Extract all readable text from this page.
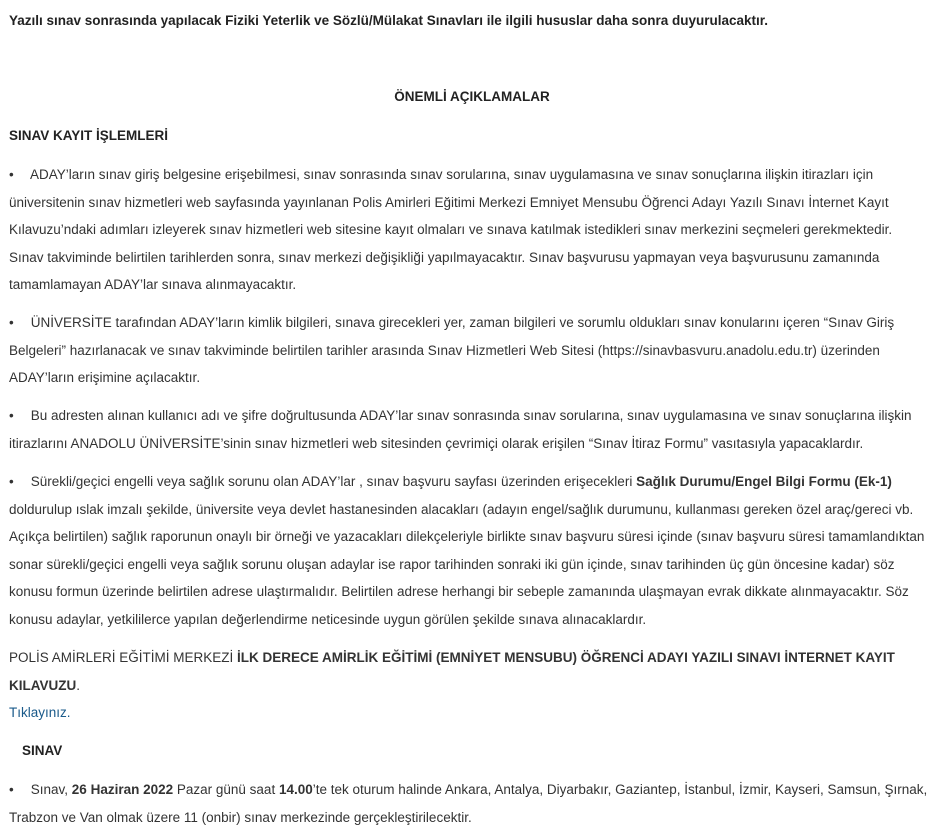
Yazılı sınav sonrasında yapılacak Fiziki Yeterlik ve Sözlü/Mülakat Sınavları ile ilgili hususlar daha sonra duyurulacaktır.
ÖNEMLİ AÇIKLAMALAR
SINAV KAYIT İŞLEMLERİ
• ADAY’ların sınav giriş belgesine erişebilmesi, sınav sonrasında sınav sorularına, sınav uygulamasına ve sınav sonuçlarına ilişkin itirazları için üniversitenin sınav hizmetleri web sayfasında yayınlanan Polis Amirleri Eğitimi Merkezi Emniyet Mensubu Öğrenci Adayı Yazılı Sınavı İnternet Kayıt Kılavuzu’ndaki adımları izleyerek sınav hizmetleri web sitesine kayıt olmaları ve sınava katılmak istedikleri sınav merkezini seçmeleri gerekmektedir. Sınav takviminde belirtilen tarihlerden sonra, sınav merkezi değişikliği yapılmayacaktır. Sınav başvurusu yapmayan veya başvurusunu zamanında tamamlamayan ADAY’lar sınava alınmayacaktır.
• ÜNİVERSİTE tarafından ADAY’ların kimlik bilgileri, sınava girecekleri yer, zaman bilgileri ve sorumlu oldukları sınav konularını içeren “Sınav Giriş Belgeleri” hazırlanacak ve sınav takviminde belirtilen tarihler arasında Sınav Hizmetleri Web Sitesi (https://sinavbasvuru.anadolu.edu.tr) üzerinden ADAY’ların erişimine açılacaktır.
• Bu adresten alınan kullanıcı adı ve şifre doğrultusunda ADAY’lar sınav sonrasında sınav sorularına, sınav uygulamasına ve sınav sonuçlarına ilişkin itirazlarını ANADOLU ÜNİVERSİTE’sinin sınav hizmetleri web sitesinden çevrimiçi olarak erişilen “Sınav İtiraz Formu” vasıtasıyla yapacaklardır.
• Sürekli/geçici engelli veya sağlık sorunu olan ADAY’lar , sınav başvuru sayfası üzerinden erişecekleri Sağlık Durumu/Engel Bilgi Formu (Ek-1) doldurulup ıslak imzalı şekilde, üniversite veya devlet hastanesinden alacakları (adayın engel/sağlık durumunu, kullanması gereken özel araç/gereci vb. Açıkça belirtilen) sağlık raporunun onaylı bir örneği ve yazacakları dilekçeleriyle birlikte sınav başvuru süresi içinde (sınav başvuru süresi tamamlandıktan sonar sürekli/geçici engelli veya sağlık sorunu oluşan adaylar ise rapor tarihinden sonraki iki gün içinde, sınav tarihinden üç gün öncesine kadar) söz konusu formun üzerinde belirtilen adrese ulaştırmalıdır. Belirtilen adrese herhangi bir sebeple zamanında ulaşmayan evrak dikkate alınmayacaktır. Söz konusu adaylar, yetkililerce yapılan değerlendirme neticesinde uygun görülen şekilde sınava alınacaklardır.
POLİS AMİRLERİ EĞİTİMİ MERKEZİ İLK DERECE AMİRLİK EĞİTİMİ (EMNİYET MENSUBU) ÖĞRENCİ ADAYI YAZILI SINAVI İNTERNET KAYIT KILAVUZU.
Tıklayınız.
SINAV
• Sınav, 26 Haziran 2022 Pazar günü saat 14.00’te tek oturum halinde Ankara, Antalya, Diyarbakır, Gaziantep, İstanbul, İzmir, Kayseri, Samsun, Şırnak, Trabzon ve Van olmak üzere 11 (onbir) sınav merkezinde gerçekleştirilecektir.
